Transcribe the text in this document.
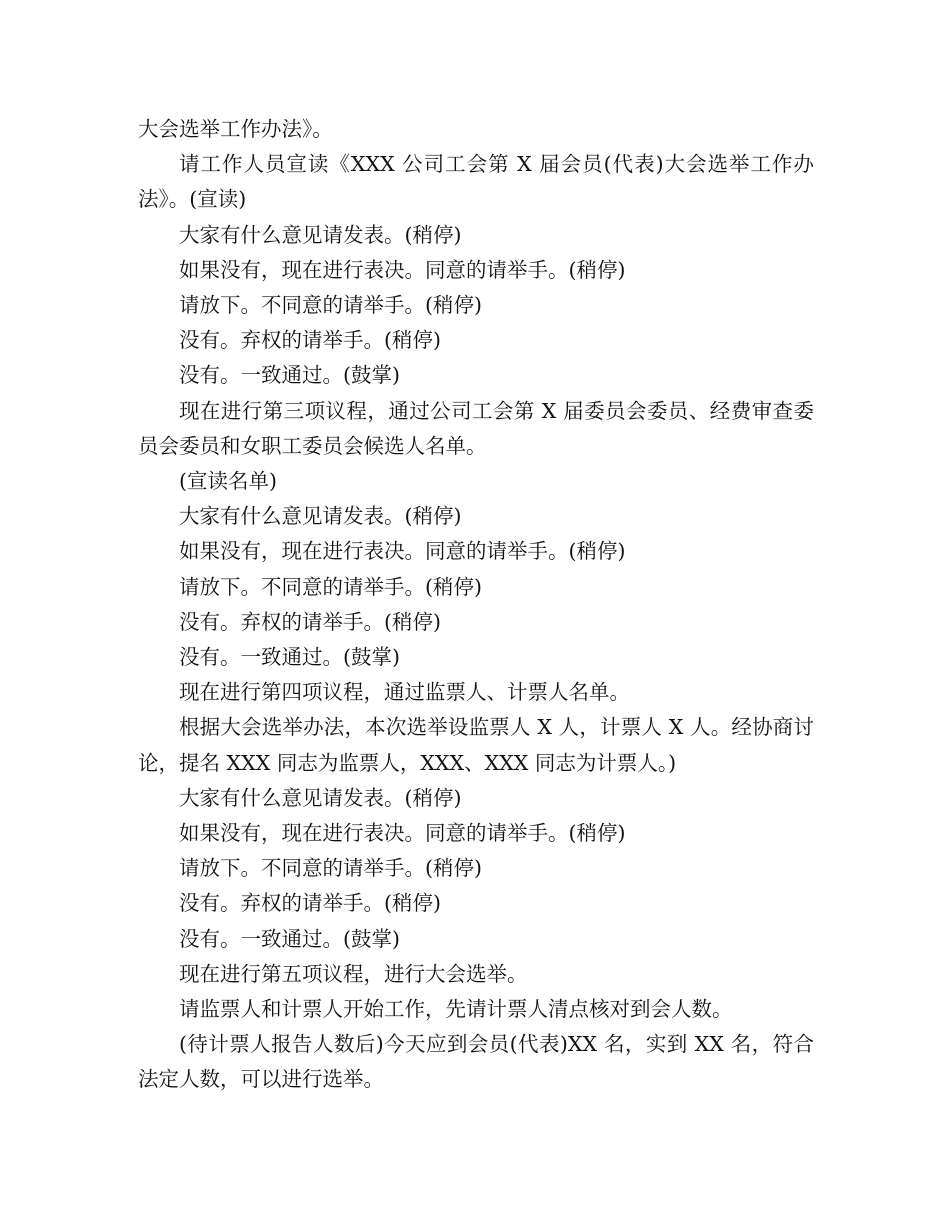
大会选举工作办法》。

请工作人员宣读《XXX 公司工会第 X 届会员(代表)大会选举工作办法》。(宣读)

大家有什么意见请发表。(稍停)

如果没有，现在进行表决。同意的请举手。(稍停)

请放下。不同意的请举手。(稍停)

没有。弃权的请举手。(稍停)

没有。一致通过。(鼓掌)

现在进行第三项议程，通过公司工会第 X 届委员会委员、经费审查委员会委员和女职工委员会候选人名单。

(宣读名单)

大家有什么意见请发表。(稍停)

如果没有，现在进行表决。同意的请举手。(稍停)

请放下。不同意的请举手。(稍停)

没有。弃权的请举手。(稍停)

没有。一致通过。(鼓掌)

现在进行第四项议程，通过监票人、计票人名单。

根据大会选举办法，本次选举设监票人 X 人，计票人 X 人。经协商讨论，提名 XXX 同志为监票人，XXX、XXX 同志为计票人。)

大家有什么意见请发表。(稍停)

如果没有，现在进行表决。同意的请举手。(稍停)

请放下。不同意的请举手。(稍停)

没有。弃权的请举手。(稍停)

没有。一致通过。(鼓掌)

现在进行第五项议程，进行大会选举。

请监票人和计票人开始工作，先请计票人清点核对到会人数。

(待计票人报告人数后)今天应到会员(代表)XX 名，实到 XX 名，符合法定人数，可以进行选举。
